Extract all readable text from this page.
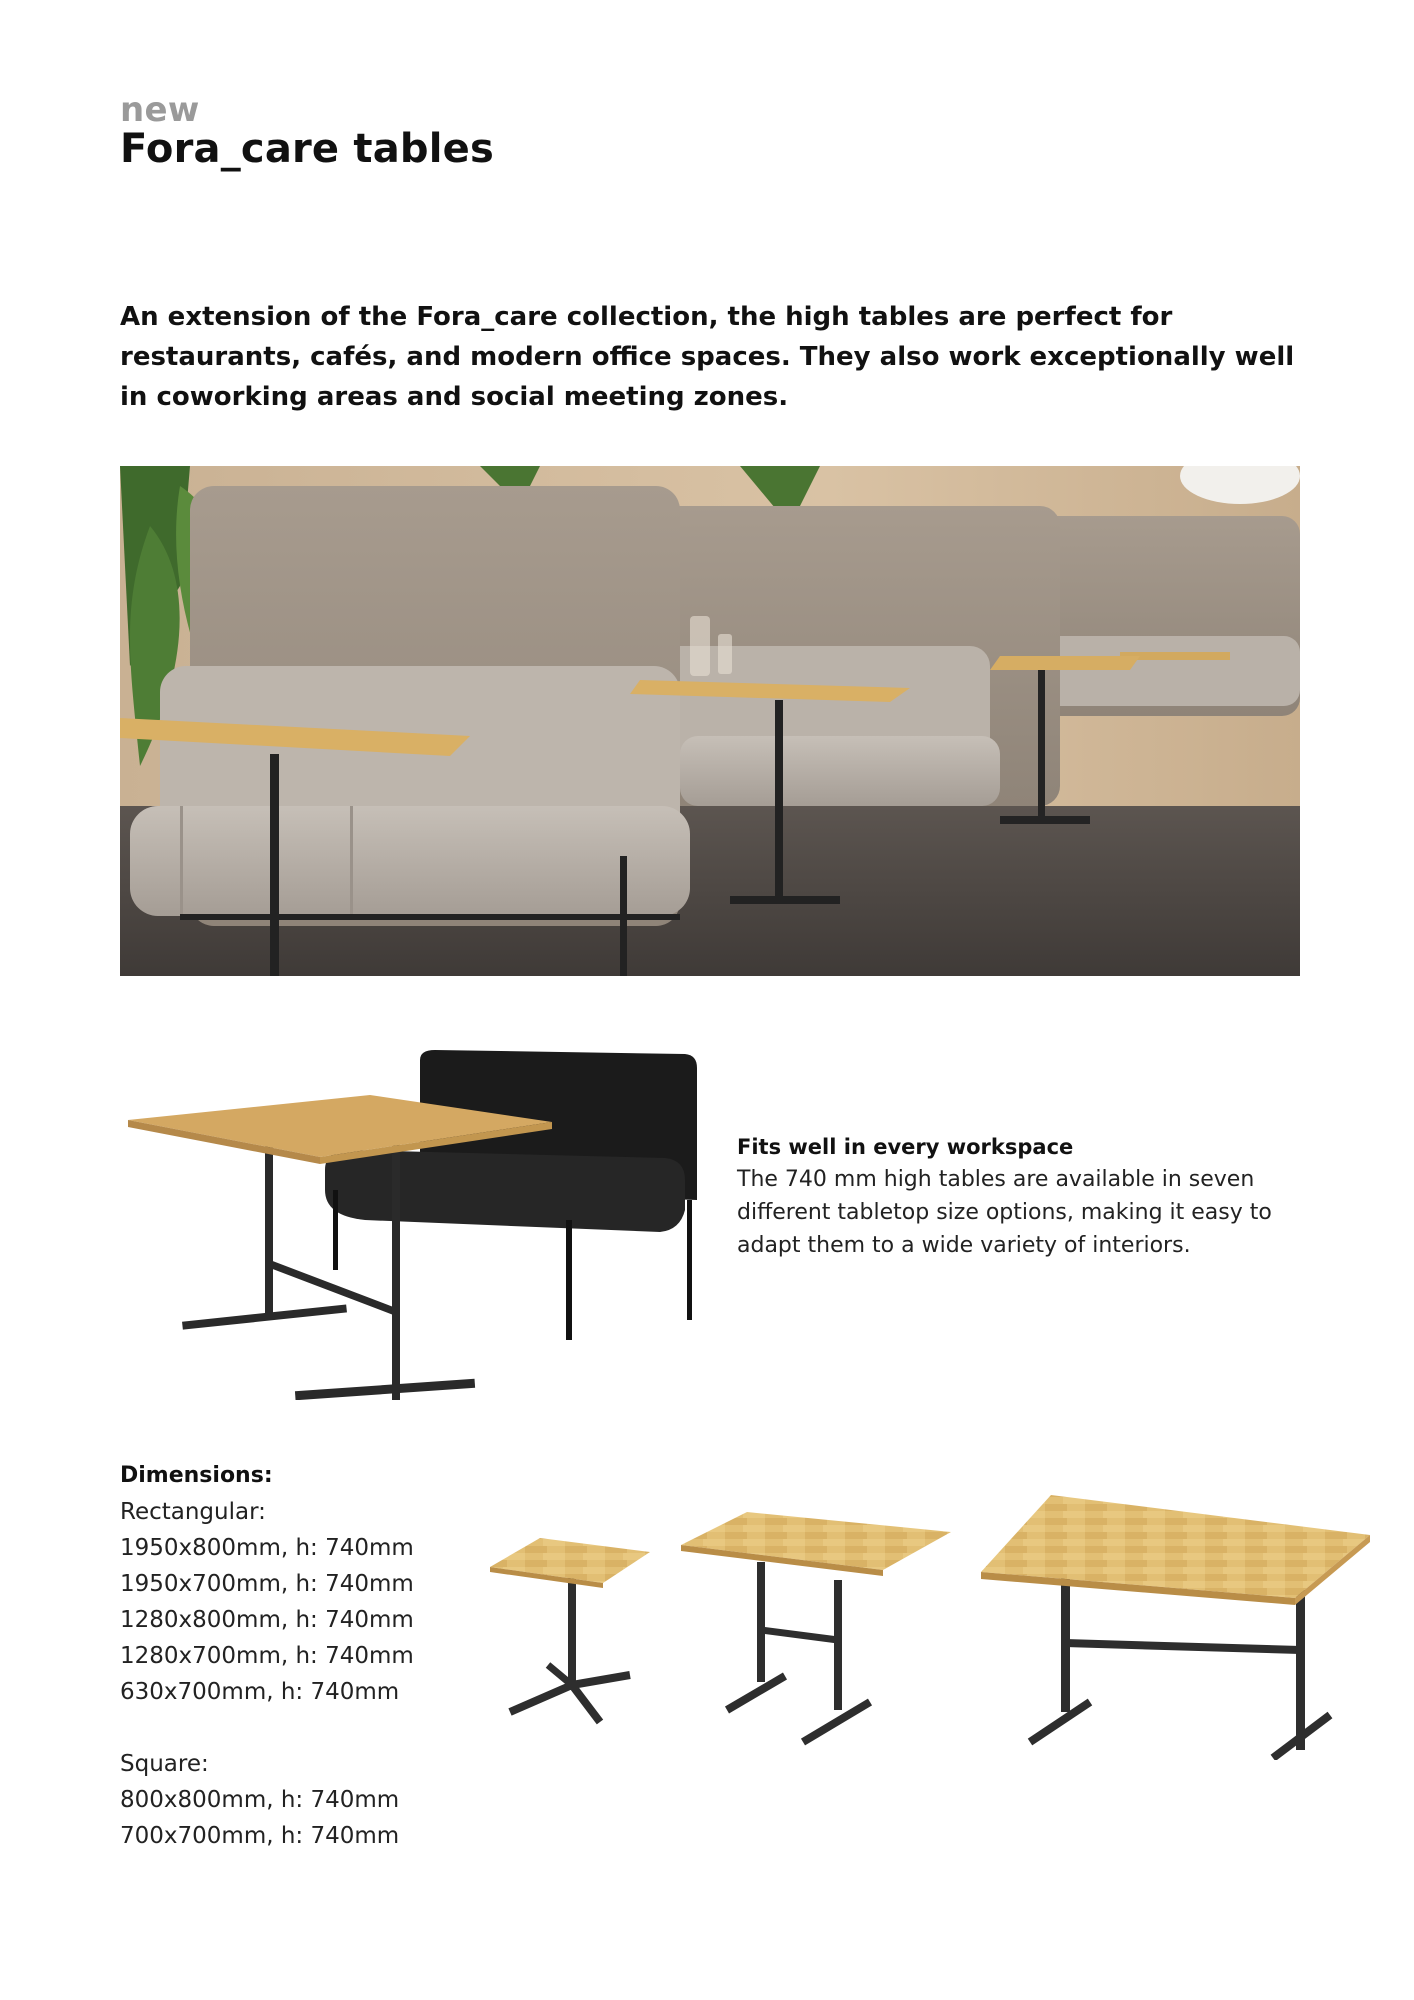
new
Fora_care tables

An extension of the Fora_care collection, the high tables are perfect for restaurants, cafés, and modern office spaces. They also work exceptionally well in coworking areas and social meeting zones.

Fits well in every workspace
The 740 mm high tables are available in seven different tabletop size options, making it easy to adapt them to a wide variety of interiors.
Dimensions:
Rectangular:
1950x800mm, h: 740mm
1950x700mm, h: 740mm
1280x800mm, h: 740mm
1280x700mm, h: 740mm
630x700mm, h: 740mm
Square:
800x800mm, h: 740mm
700x700mm, h: 740mm
